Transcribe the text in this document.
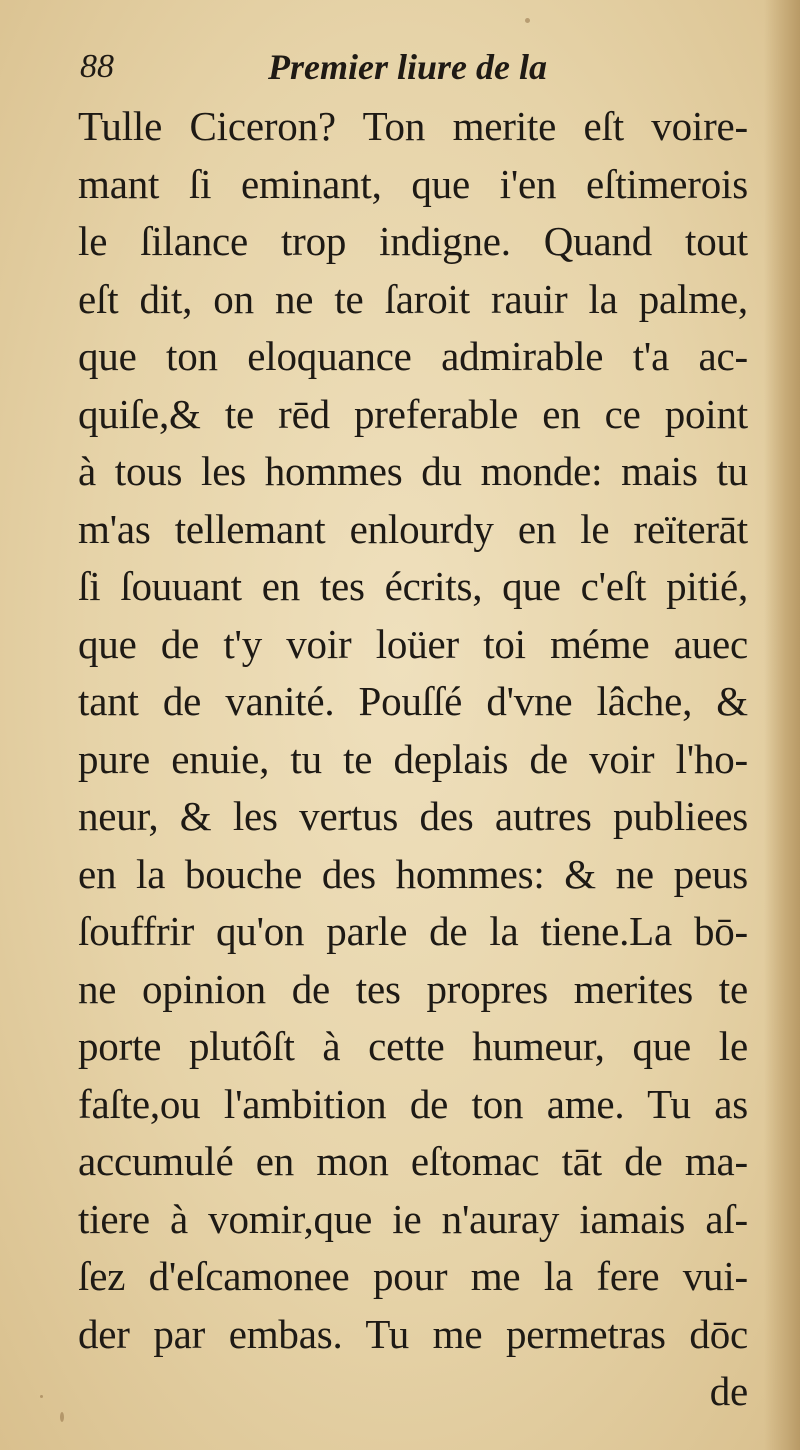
88	Premier liure de la
Tulle Ciceron? Ton merite eſt voire-
mant ſi eminant, que i'en eſtimerois
le ſilance trop indigne. Quand tout
eſt dit, on ne te ſaroit rauir la palme,
que ton eloquance admirable t'a ac-
quiſe,& te rēd preferable en ce point
à tous les hommes du monde: mais tu
m'as tellemant enlourdy en le reïterāt
ſi ſouuant en tes écrits, que c'eſt pitié,
que de t'y voir loüer toi méme auec
tant de vanité. Pouſſé d'vne lâche, &
pure enuie, tu te deplais de voir l'ho-
neur, & les vertus des autres publiees
en la bouche des hommes: & ne peus
ſouffrir qu'on parle de la tiene.La bō-
ne opinion de tes propres merites te
porte plutôſt à cette humeur, que le
faſte,ou l'ambition de ton ame. Tu as
accumulé en mon eſtomac tāt de ma-
tiere à vomir,que ie n'auray iamais aſ-
ſez d'eſcamonee pour me la fere vui-
der par embas. Tu me permetras dōc
de
